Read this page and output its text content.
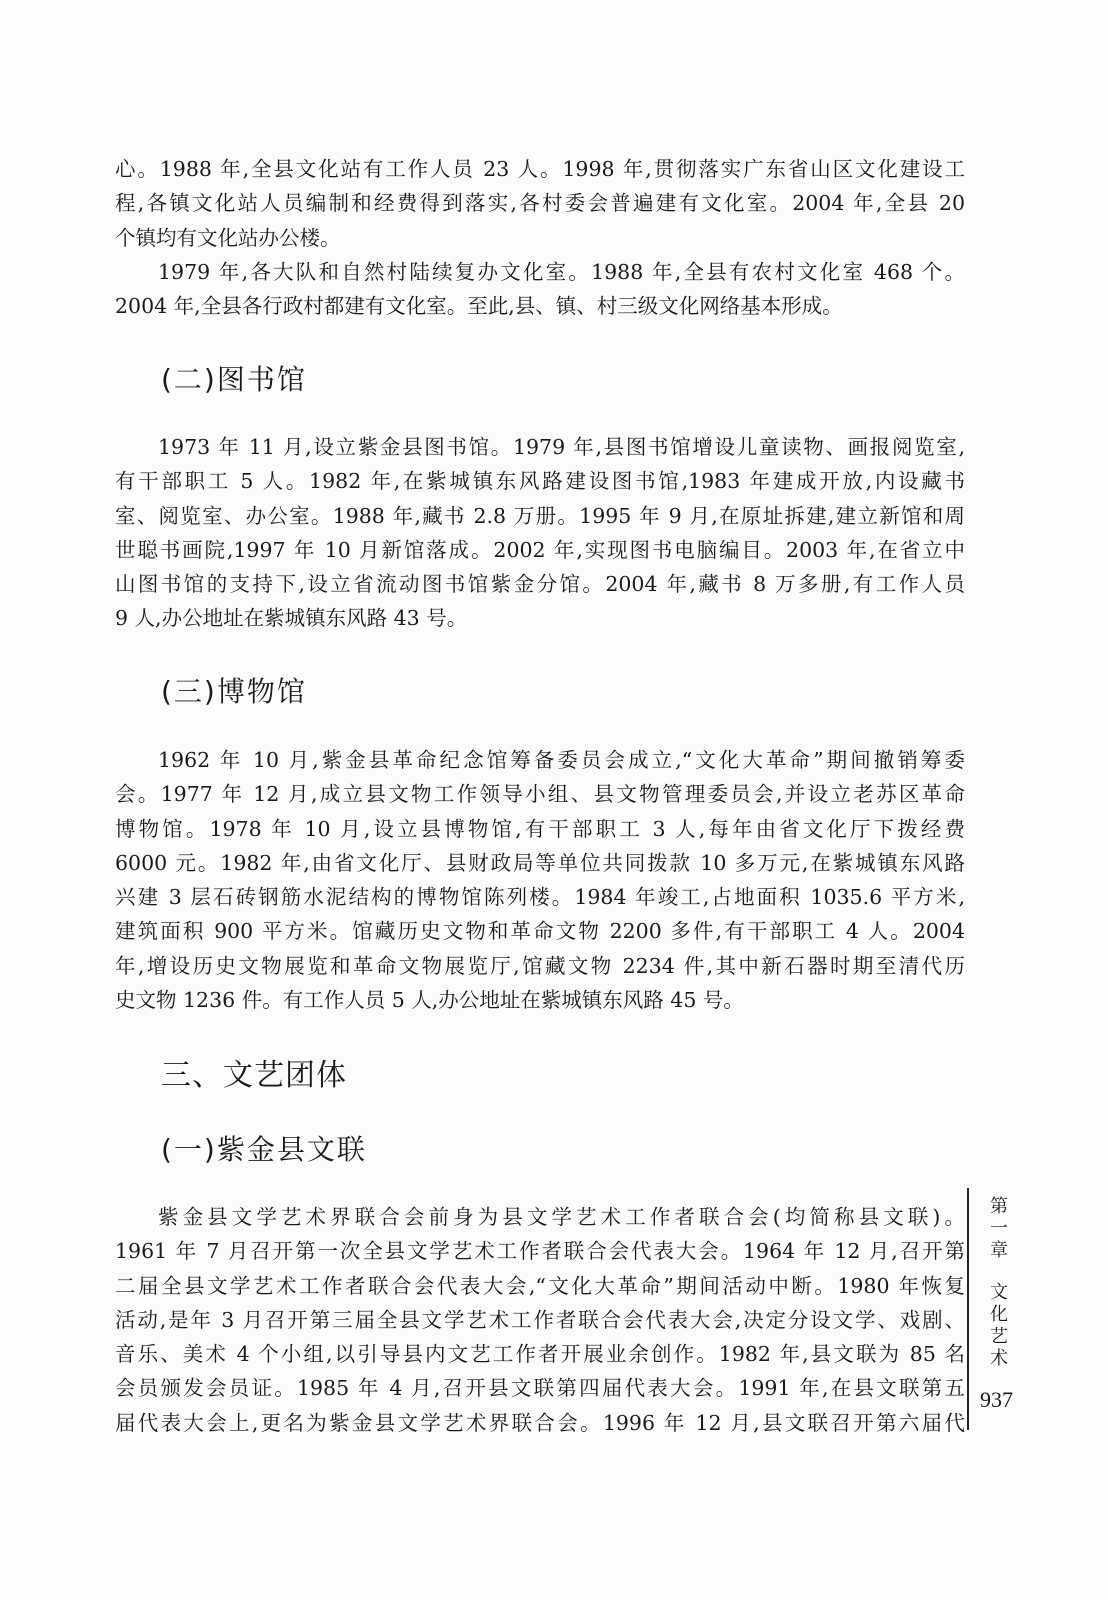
心。1988 年,全县文化站有工作人员 23 人。1998 年,贯彻落实广东省山区文化建设工
程,各镇文化站人员编制和经费得到落实,各村委会普遍建有文化室。2004 年,全县 20
个镇均有文化站办公楼。
1979 年,各大队和自然村陆续复办文化室。1988 年,全县有农村文化室 468 个。
2004 年,全县各行政村都建有文化室。至此,县、镇、村三级文化网络基本形成。
(二)图书馆
1973 年 11 月,设立紫金县图书馆。1979 年,县图书馆增设儿童读物、画报阅览室,
有干部职工 5 人。1982 年,在紫城镇东风路建设图书馆,1983 年建成开放,内设藏书
室、阅览室、办公室。1988 年,藏书 2.8 万册。1995 年 9 月,在原址拆建,建立新馆和周
世聪书画院,1997 年 10 月新馆落成。2002 年,实现图书电脑编目。2003 年,在省立中
山图书馆的支持下,设立省流动图书馆紫金分馆。2004 年,藏书 8 万多册,有工作人员
9 人,办公地址在紫城镇东风路 43 号。
(三)博物馆
1962 年 10 月,紫金县革命纪念馆筹备委员会成立,“文化大革命”期间撤销筹委
会。1977 年 12 月,成立县文物工作领导小组、县文物管理委员会,并设立老苏区革命
博物馆。1978 年 10 月,设立县博物馆,有干部职工 3 人,每年由省文化厅下拨经费
6000 元。1982 年,由省文化厅、县财政局等单位共同拨款 10 多万元,在紫城镇东风路
兴建 3 层石砖钢筋水泥结构的博物馆陈列楼。1984 年竣工,占地面积 1035.6 平方米,
建筑面积 900 平方米。馆藏历史文物和革命文物 2200 多件,有干部职工 4 人。2004
年,增设历史文物展览和革命文物展览厅,馆藏文物 2234 件,其中新石器时期至清代历
史文物 1236 件。有工作人员 5 人,办公地址在紫城镇东风路 45 号。
三、文艺团体
(一)紫金县文联
紫金县文学艺术界联合会前身为县文学艺术工作者联合会(均简称县文联)。
1961 年 7 月召开第一次全县文学艺术工作者联合会代表大会。1964 年 12 月,召开第
二届全县文学艺术工作者联合会代表大会,“文化大革命”期间活动中断。1980 年恢复
活动,是年 3 月召开第三届全县文学艺术工作者联合会代表大会,决定分设文学、戏剧、
音乐、美术 4 个小组,以引导县内文艺工作者开展业余创作。1982 年,县文联为 85 名
会员颁发会员证。1985 年 4 月,召开县文联第四届代表大会。1991 年,在县文联第五
届代表大会上,更名为紫金县文学艺术界联合会。1996 年 12 月,县文联召开第六届代
第
一
章
文
化
艺
术
937
